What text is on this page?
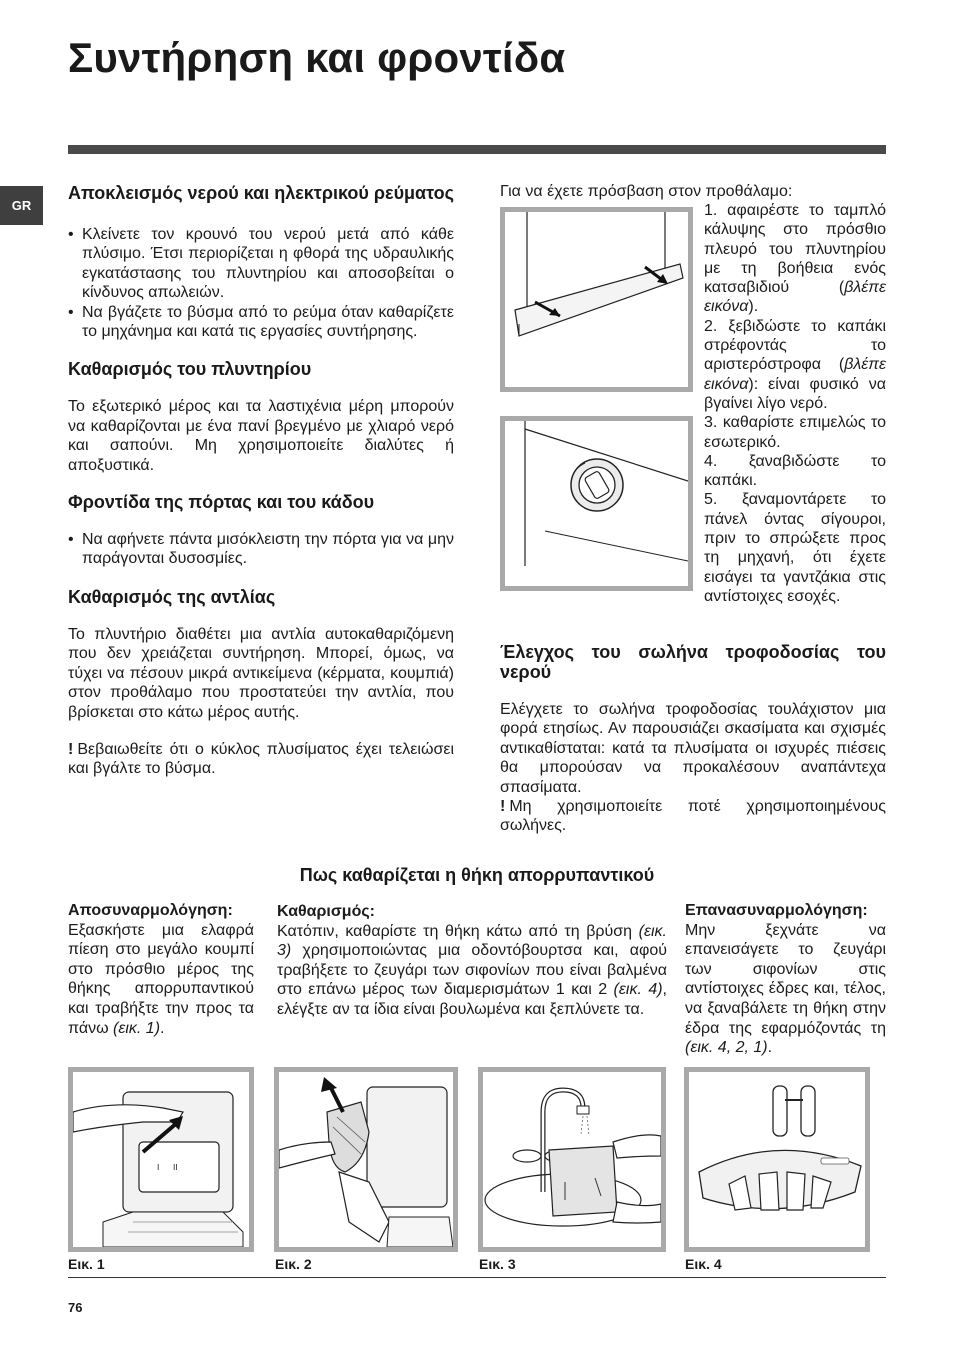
Συντήρηση και φροντίδα
GR
Αποκλεισμός νερού και ηλεκτρικού ρεύματος

• Κλείνετε τον κρουνό του νερού μετά από κάθε πλύσιμο. Έτσι περιορίζεται η φθορά της υδραυλικής εγκατάστασης του πλυντηρίου και αποσοβείται ο κίνδυνος απωλειών.

• Να βγάζετε το βύσμα από το ρεύμα όταν καθαρίζετε το μηχάνημα και κατά τις εργασίες συντήρησης.

Καθαρισμός του πλυντηρίου

Το εξωτερικό μέρος και τα λαστιχένια μέρη μπορούν να καθαρίζονται με ένα πανί βρεγμένο με χλιαρό νερό και σαπούνι. Μη χρησιμοποιείτε διαλύτες ή αποξυστικά.

Φροντίδα της πόρτας και του κάδου

• Να αφήνετε πάντα μισόκλειστη την πόρτα για να μην παράγονται δυσοσμίες.

Καθαρισμός της αντλίας

Το πλυντήριο διαθέτει μια αντλία αυτοκαθαριζόμενη που δεν χρειάζεται συντήρηση. Μπορεί, όμως, να τύχει να πέσουν μικρά αντικείμενα (κέρματα, κουμπιά) στον προθάλαμο που προστατεύει την αντλία, που βρίσκεται στο κάτω μέρος αυτής.

! Βεβαιωθείτε ότι ο κύκλος πλυσίματος έχει τελειώσει και βγάλτε το βύσμα.

Για να έχετε πρόσβαση στον προθάλαμο:

1. αφαιρέστε το ταμπλό κάλυψης στο πρόσθιο πλευρό του πλυντηρίου με τη βοήθεια ενός κατσαβιδιού (βλέπε εικόνα).

2. ξεβιδώστε το καπάκι στρέφοντάς το αριστερόστροφα (βλέπε εικόνα): είναι φυσικό να βγαίνει λίγο νερό.

3. καθαρίστε επιμελώς το εσωτερικό.

4. ξαναβιδώστε το καπάκι.

5. ξαναμοντάρετε το πάνελ όντας σίγουροι, πριν το σπρώξετε προς τη μηχανή, ότι έχετε εισάγει τα γαντζάκια στις αντίστοιχες εσοχές.

Έλεγχος του σωλήνα τροφοδοσίας του νερού

Ελέγχετε το σωλήνα τροφοδοσίας τουλάχιστον μια φορά ετησίως. Αν παρουσιάζει σκασίματα και σχισμές αντικαθίσταται: κατά τα πλυσίματα οι ισχυρές πιέσεις θα μπορούσαν να προκαλέσουν αναπάντεχα σπασίματα.

! Μη χρησιμοποιείτε ποτέ χρησιμοποιημένους σωλήνες.

Πως καθαρίζεται η θήκη απορρυπαντικού
Αποσυναρμολόγηση:

Εξασκήστε μια ελαφρά πίεση στο μεγάλο κουμπί στο πρόσθιο μέρος της θήκης απορρυπαντικού και τραβήξτε την προς τα πάνω (εικ. 1).

Καθαρισμός:

Κατόπιν, καθαρίστε τη θήκη κάτω από τη βρύση (εικ. 3) χρησιμοποιώντας μια οδοντόβουρτσα και, αφού τραβήξετε το ζευγάρι των σιφονίων που είναι βαλμένα στο επάνω μέρος των διαμερισμάτων 1 και 2 (εικ. 4), ελέγξτε αν τα ίδια είναι βουλωμένα και ξεπλύνετε τα.

Επανασυναρμολόγηση:

Μην ξεχνάτε να επανεισάγετε το ζευγάρι των σιφονίων στις αντίστοιχες έδρες και, τέλος, να ξαναβάλετε τη θήκη στην έδρα της εφαρμόζοντάς τη (εικ. 4, 2, 1).

I II
Εικ. 1	Εικ. 2	Εικ. 3	Εικ. 4
76
